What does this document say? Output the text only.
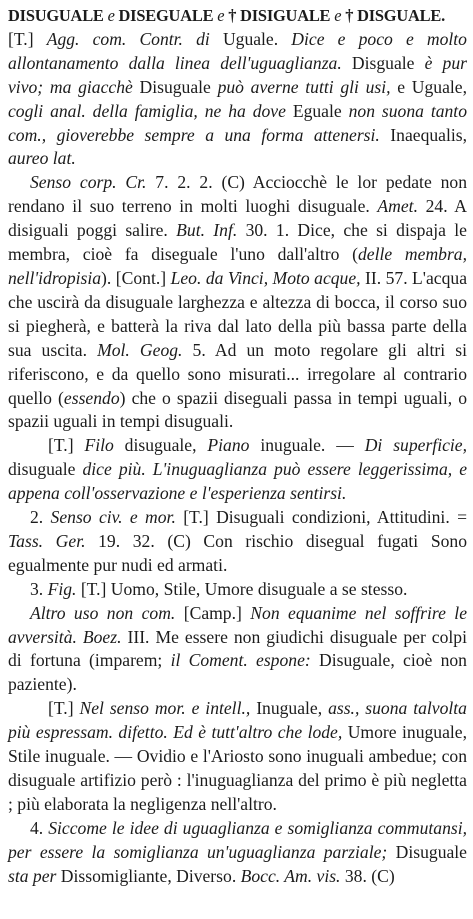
DISUGUALE e DISEGUALE e † DISIGUALE e † DISGUALE.

[T.] Agg. com. Contr. di Uguale. Dice e poco e molto allontanamento dalla linea dell'uguaglianza. Disguale è pur vivo; ma giacchè Disuguale può averne tutti gli usi, e Uguale, cogli anal. della famiglia, ne ha dove Eguale non suona tanto com., gioverebbe sempre a una forma attenersi. Inaequalis, aureo lat.

Senso corp. Cr. 7. 2. 2. (C) Acciocchè le lor pedate non rendano il suo terreno in molti luoghi disuguale. Amet. 24. A disiguali poggi salire. But. Inf. 30. 1. Dice, che si dispaja le membra, cioè fa diseguale l'uno dall'altro (delle membra, nell'idropisia). [Cont.] Leo. da Vinci, Moto acque, II. 57. L'acqua che uscirà da disuguale larghezza e altezza di bocca, il corso suo si piegherà, e batterà la riva dal lato della più bassa parte della sua uscita. Mol. Geog. 5. Ad un moto regolare gli altri si riferiscono, e da quello sono misurati... irregolare al contrario quello (essendo) che o spazii diseguali passa in tempi uguali, o spazii uguali in tempi disuguali.

[T.] Filo disuguale, Piano inuguale. — Di superficie, disuguale dice più. L'inuguaglianza può essere leggerissima, e appena coll'osservazione e l'esperienza sentirsi.

2. Senso civ. e mor. [T.] Disuguali condizioni, Attitudini. = Tass. Ger. 19. 32. (C) Con rischio disegual fugati Sono egualmente pur nudi ed armati.

3. Fig. [T.] Uomo, Stile, Umore disuguale a se stesso.

Altro uso non com. [Camp.] Non equanime nel soffrire le avversità. Boez. III. Me essere non giudichi disuguale per colpi di fortuna (imparem; il Coment. espone: Disuguale, cioè non paziente).

[T.] Nel senso mor. e intell., Inuguale, ass., suona talvolta più espressam. difetto. Ed è tutt'altro che lode, Umore inuguale, Stile inuguale. — Ovidio e l'Ariosto sono inuguali ambedue; con disuguale artifizio però : l'inuguaglianza del primo è più negletta ; più elaborata la negligenza nell'altro.

4. Siccome le idee di uguaglianza e somiglianza commutansi, per essere la somiglianza un'uguaglianza parziale; Disuguale sta per Dissomigliante, Diverso. Bocc. Am. vis. 38. (C)
